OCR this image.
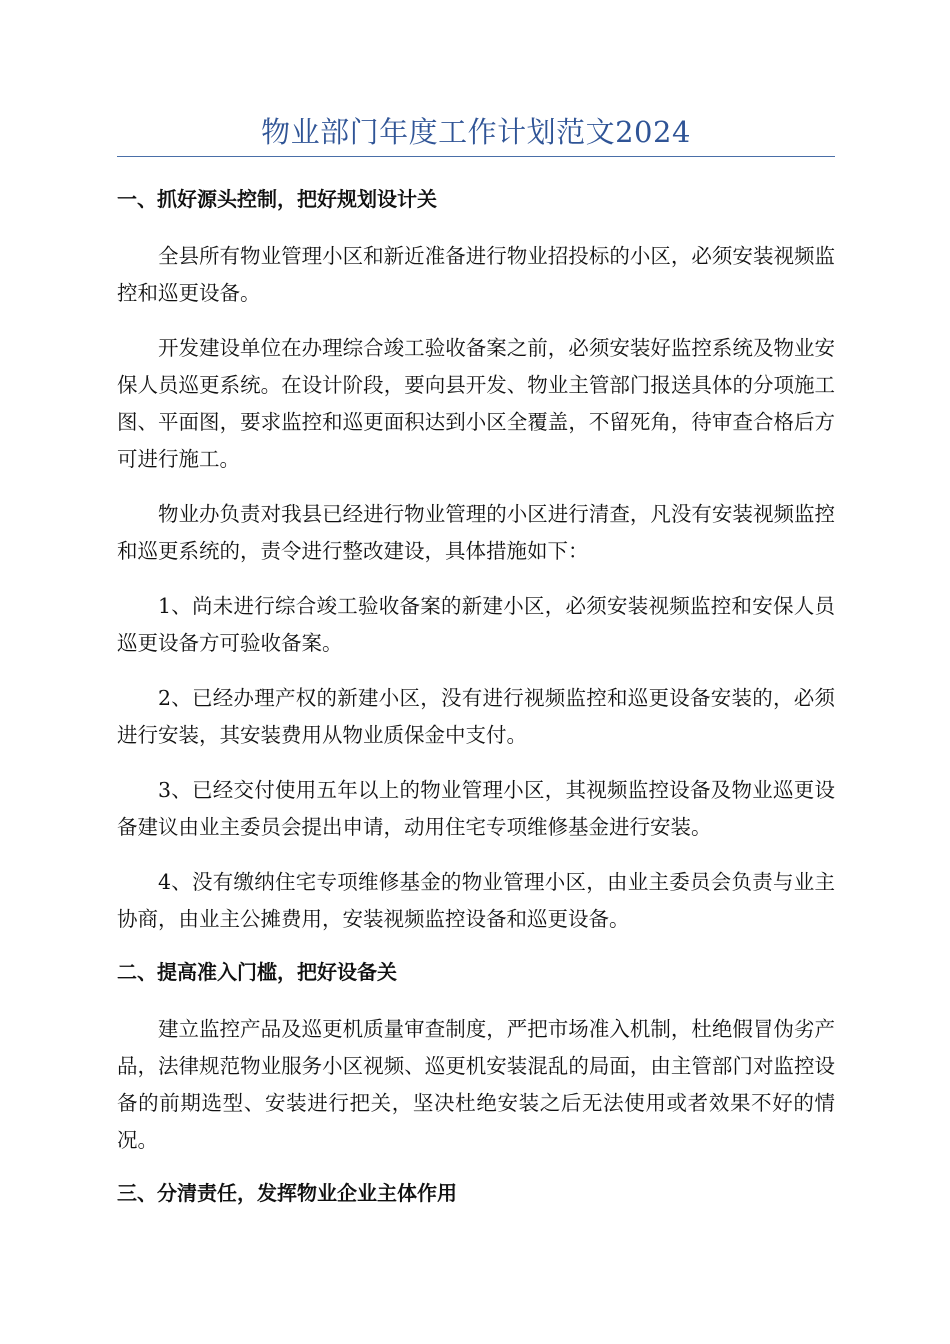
物业部门年度工作计划范文2024

一、抓好源头控制，把好规划设计关

全县所有物业管理小区和新近准备进行物业招投标的小区，必须安装视频监控和巡更设备。

开发建设单位在办理综合竣工验收备案之前，必须安装好监控系统及物业安保人员巡更系统。在设计阶段，要向县开发、物业主管部门报送具体的分项施工图、平面图，要求监控和巡更面积达到小区全覆盖，不留死角，待审查合格后方可进行施工。

物业办负责对我县已经进行物业管理的小区进行清查，凡没有安装视频监控和巡更系统的，责令进行整改建设，具体措施如下：

1、尚未进行综合竣工验收备案的新建小区，必须安装视频监控和安保人员巡更设备方可验收备案。

2、已经办理产权的新建小区，没有进行视频监控和巡更设备安装的，必须进行安装，其安装费用从物业质保金中支付。

3、已经交付使用五年以上的物业管理小区，其视频监控设备及物业巡更设备建议由业主委员会提出申请，动用住宅专项维修基金进行安装。

4、没有缴纳住宅专项维修基金的物业管理小区，由业主委员会负责与业主协商，由业主公摊费用，安装视频监控设备和巡更设备。

二、提高准入门槛，把好设备关

建立监控产品及巡更机质量审查制度，严把市场准入机制，杜绝假冒伪劣产品，法律规范物业服务小区视频、巡更机安装混乱的局面，由主管部门对监控设备的前期选型、安装进行把关，坚决杜绝安装之后无法使用或者效果不好的情况。

三、分清责任，发挥物业企业主体作用
